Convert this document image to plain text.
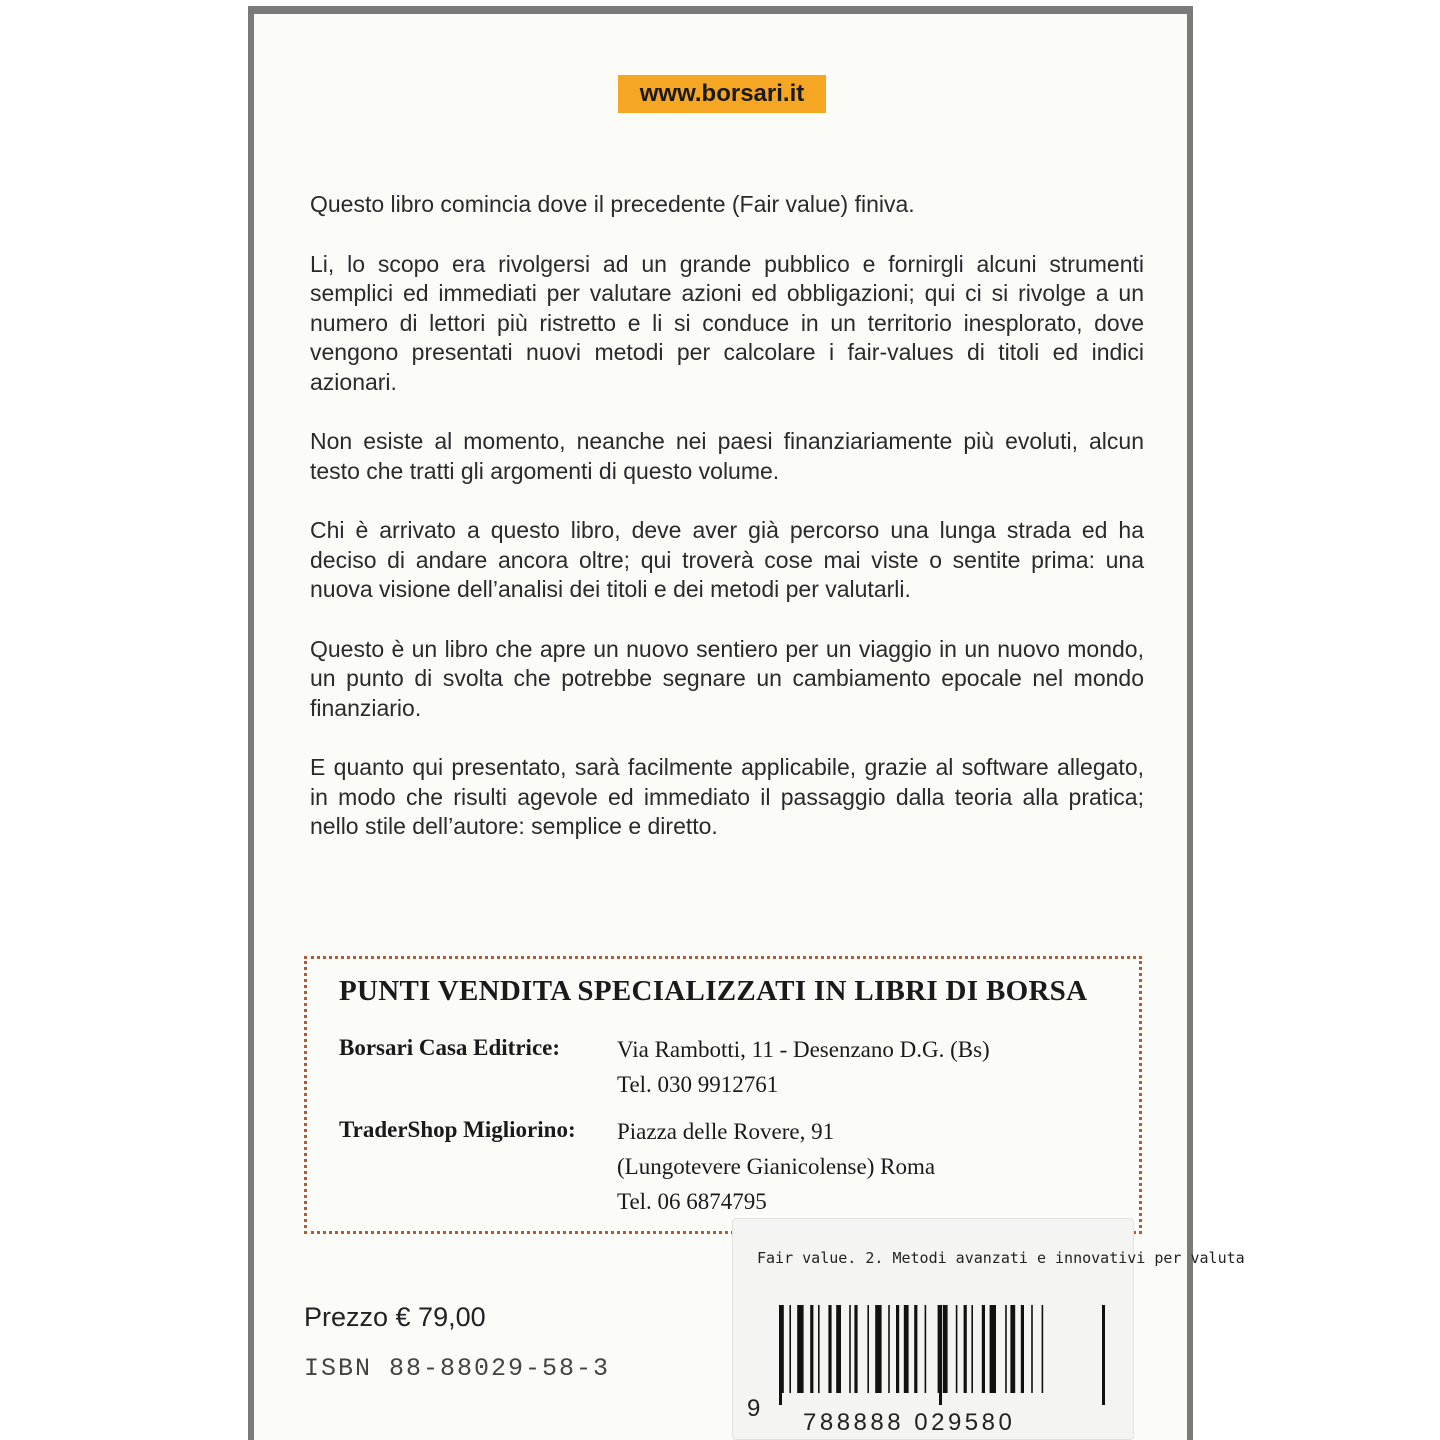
www.borsari.it

Questo libro comincia dove il precedente (Fair value) finiva.

Li, lo scopo era rivolgersi ad un grande pubblico e fornirgli alcuni strumenti semplici ed immediati per valutare azioni ed obbligazioni; qui ci si rivolge a un numero di lettori più ristretto e li si conduce in un territorio inesplorato, dove vengono presentati nuovi metodi per calcolare i fair-values di titoli ed indici azionari.

Non esiste al momento, neanche nei paesi finanziariamente più evoluti, alcun testo che tratti gli argomenti di questo volume.

Chi è arrivato a questo libro, deve aver già percorso una lunga strada ed ha deciso di andare ancora oltre; qui troverà cose mai viste o sentite prima: una nuova visione dell’analisi dei titoli e dei metodi per valutarli.

Questo è un libro che apre un nuovo sentiero per un viaggio in un nuovo mondo, un punto di svolta che potrebbe segnare un cambiamento epocale nel mondo finanziario.

E quanto qui presentato, sarà facilmente applicabile, grazie al software allegato, in modo che risulti agevole ed immediato il passaggio dalla teoria alla pratica; nello stile dell’autore: semplice e diretto.

PUNTI VENDITA SPECIALIZZATI IN LIBRI DI BORSA
Borsari Casa Editrice: Via Rambotti, 11 - Desenzano D.G. (Bs)
Tel. 030 9912761
TraderShop Migliorino: Piazza delle Rovere, 91
(Lungotevere Gianicolense) Roma
Tel. 06 6874795
Prezzo € 79,00
ISBN 88-88029-58-3
Fair value. 2. Metodi avanzati e innovativi per valuta
9
788888 029580
